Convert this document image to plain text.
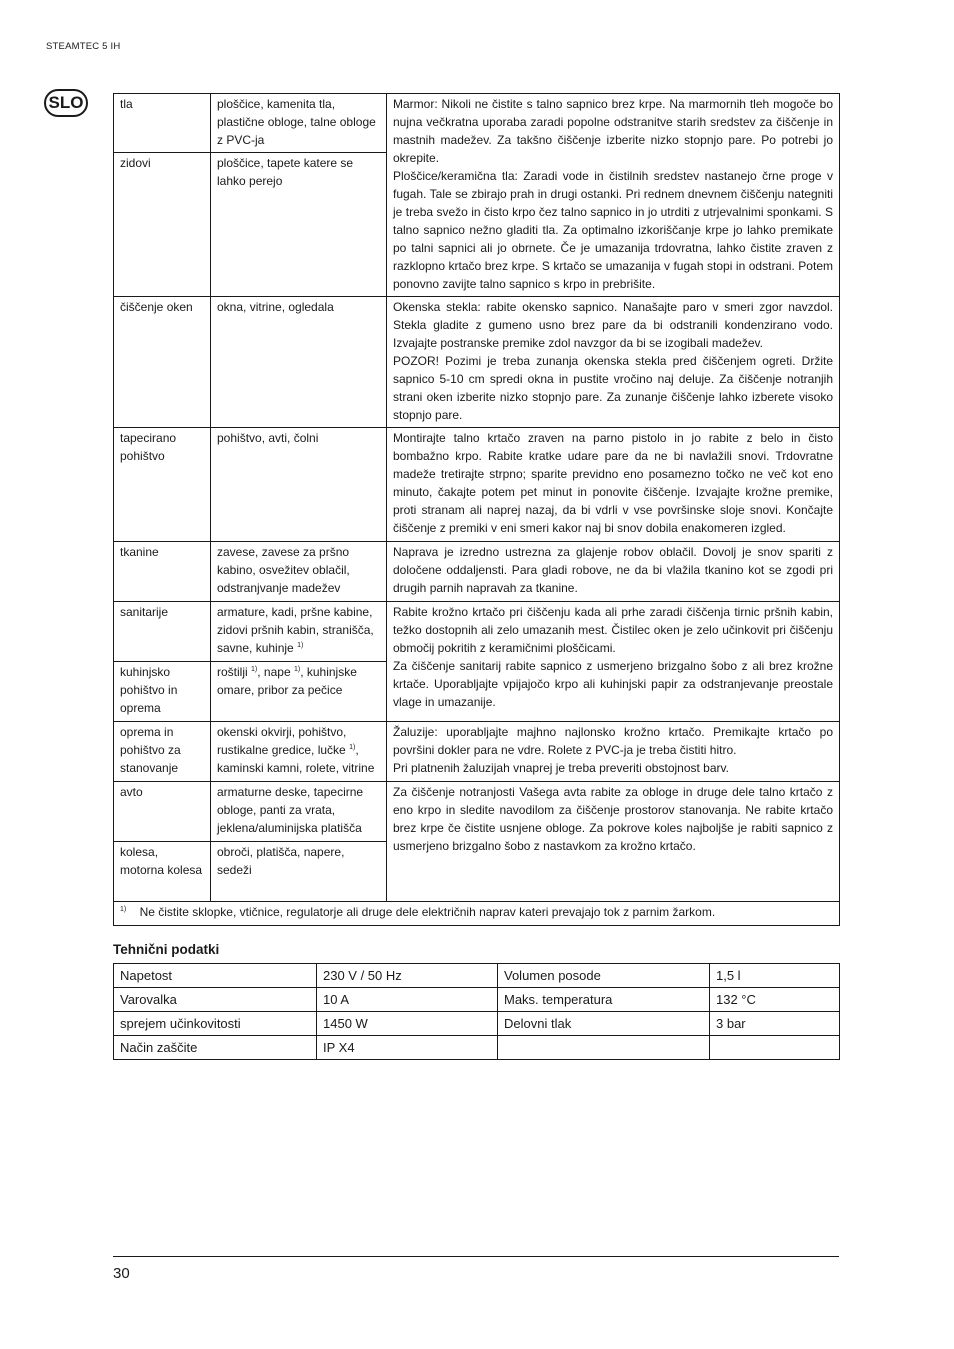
STEAMTEC 5 IH
SLO	tla	ploščice, kamenita tla, plastične obloge, talne obloge z PVC-ja	Marmor: Nikoli ne čistite s talno sapnico brez krpe. Na marmornih tleh mogoče bo nujna večkratna uporaba zaradi popolne odstranitve starih sredstev za čiščenje in mastnih madežev. Za takšno čiščenje izberite nizko stopnjo pare. Po potrebi jo okrepite.
Ploščice/keramična tla: Zaradi vode in čistilnih sredstev nastanejo črne proge v fugah. Tale se zbirajo prah in drugi ostanki. Pri rednem dnevnem čiščenju nategniti je treba svežo in čisto krpo čez talno sapnico in jo utrditi z utrjevalnimi sponkami. S talno sapnico nežno gladiti tla. Za optimalno izkoriščanje krpe jo lahko premikate po talni sapnici ali jo obrnete. Če je umazanija trdovratna, lahko čistite zraven z razklopno krtačo brez krpe. S krtačo se umazanija v fugah stopi in odstrani. Potem ponovno zavijte talno sapnico s krpo in prebrišite.

zidovi	ploščice, tapete katere se lahko perejo	
čiščenje oken	okna, vitrine, ogledala	Okenska stekla: rabite okensko sapnico. Nanašajte paro v smeri zgor navzdol. Stekla gladite z gumeno usno brez pare da bi odstranili kondenzirano vodo. Izvajajte postranske premike zdol navzgor da bi se izogibali madežev.
POZOR! Pozimi je treba zunanja okenska stekla pred čiščenjem ogreti. Držite sapnico 5-10 cm spredi okna in pustite vročino naj deluje. Za čiščenje notranjih strani oken izberite nizko stopnjo pare. Za zunanje čiščenje lahko izberete visoko stopnjo pare.

tapecirano pohištvo	pohištvo, avti, čolni	Montirajte talno krtačo zraven na parno pistolo in jo rabite z belo in čisto bombažno krpo. Rabite kratke udare pare da ne bi navlažili snovi. Trdovratne madeže tretirajte strpno; sparite previdno eno posamezno točko ne več kot eno minuto, čakajte potem pet minut in ponovite čiščenje. Izvajajte krožne premike, proti stranam ali naprej nazaj, da bi vdrli v vse površinske sloje snovi. Končajte čiščenje z premiki v eni smeri kakor naj bi snov dobila enakomeren izgled.
tkanine	zavese, zavese za pršno kabino, osvežitev oblačil, odstranjvanje madežev	Naprava je izredno ustrezna za glajenje robov oblačil. Dovolj je snov spariti z določene oddaljensti. Para gladi robove, ne da bi vlažila tkanino kot se zgodi pri drugih parnih napravah za tkanine.
sanitarije	armature, kadi, pršne kabine, zidovi pršnih kabin, stranišča, savne, kuhinje $^{1)}$	Rabite krožno krtačo pri čiščenju kada ali prhe zaradi čiščenja tirnic pršnih kabin, težko dostopnih ali zelo umazanih mest. Čistilec oken je zelo učinkovit pri čiščenju območij pokritih z keramičnimi ploščicami.
Za čiščenje sanitarij rabite sapnico z usmerjeno brizgalno šobo z ali brez krožne krtače. Uporabljajte vpijajočo krpo ali kuhinjski papir za odstranjevanje preostale vlage in umazanije.

kuhinjsko pohištvo in oprema	roštilji $^{1)}$, nape $^{1)}$, kuhinjske omare, pribor za pečice	
oprema in pohištvo za stanovanje	okenski okvirji, pohištvo, rustikalne gredice, lučke $^{1)}$, kaminski kamni, rolete, vitrine	Žaluzije: uporabljajte majhno najlonsko krožno krtačo. Premikajte krtačo po površini dokler para ne vdre. Rolete z PVC-ja je treba čistiti hitro.
Pri platnenih žaluzijah vnaprej je treba preveriti obstojnost barv.

avto	armaturne deske, tapecirne obloge, panti za vrata, jeklena/aluminijska platišča	Za čiščenje notranjosti Vašega avta rabite za obloge in druge dele talno krtačo z eno krpo in sledite navodilom za čiščenje prostorov stanovanja. Ne rabite krtačo brez krpe če čistite usnjene obloge. Za pokrove koles najboljše je rabiti sapnico z usmerjeno brizgalno šobo z nastavkom za krožno krtačo.
kolesa, motorna kolesa	obroči, platišča, napere, sedeži	
$^{1)}$ Ne čistite sklopke, vtičnice, regulatorje ali druge dele električnih naprav kateri prevajajo tok z parnim žarkom.		
Tehnični podatki
Napetost	230 V / 50 Hz	Volumen posode	1,5 l
Varovalka	10 A	Maks. temperatura	132 °C
sprejem učinkovitosti	1450 W	Delovni tlak	3 bar
Način zaščite	IP X4		
30
